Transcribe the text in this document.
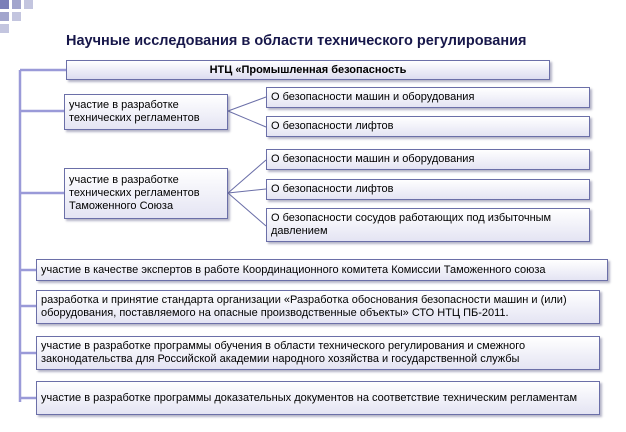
Научные исследования в области технического регулирования
НТЦ «Промышленная безопасность
участие в разработке технических регламентов
О безопасности машин и оборудования
О безопасности лифтов
участие в разработке технических регламентов Таможенного Союза
О безопасности машин и оборудования
О безопасности лифтов
О безопасности сосудов работающих под избыточным давлением
участие в качестве экспертов в работе Координационного комитета Комиссии Таможенного союза
разработка и принятие стандарта организации «Разработка обоснования безопасности машин и (или) оборудования, поставляемого на опасные производственные объекты» СТО НТЦ ПБ-2011.
участие в разработке программы обучения в области технического регулирования и смежного законодательства для Российской академии народного хозяйства и государственной службы
участие в разработке программы доказательных документов на соответствие техническим регламентам
